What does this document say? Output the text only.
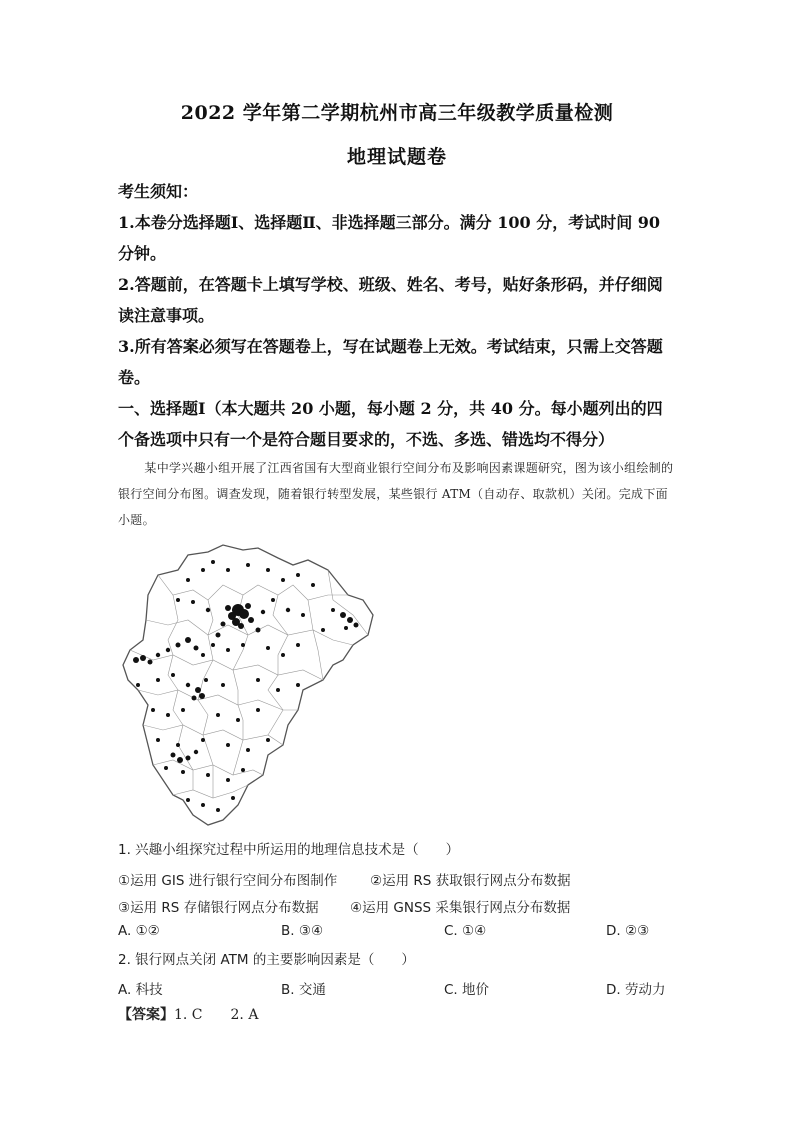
2022 学年第二学期杭州市高三年级教学质量检测
地理试题卷
考生须知：
1.本卷分选择题Ⅰ、选择题Ⅱ、非选择题三部分。满分 100 分，考试时间 90 分钟。
2.答题前，在答题卡上填写学校、班级、姓名、考号，贴好条形码，并仔细阅读注意事项。
3.所有答案必须写在答题卷上，写在试题卷上无效。考试结束，只需上交答题卷。
一、选择题Ⅰ（本大题共 20 小题，每小题 2 分，共 40 分。每小题列出的四个备选项中只有一个是符合题目要求的，不选、多选、错选均不得分）
某中学兴趣小组开展了江西省国有大型商业银行空间分布及影响因素课题研究，图为该小组绘制的银行空间分布图。调查发现，随着银行转型发展，某些银行 ATM（自动存、取款机）关闭。完成下面小题。
1. 兴趣小组探究过程中所运用的地理信息技术是（　　）
①运用 GIS 进行银行空间分布图制作 ②运用 RS 获取银行网点分布数据
③运用 RS 存储银行网点分布数据 ④运用 GNSS 采集银行网点分布数据
A. ①②	B. ③④	C. ①④	D. ②③
2. 银行网点关闭 ATM 的主要影响因素是（　　）
A. 科技	B. 交通	C. 地价	D. 劳动力
【答案】1. C　　2. A
